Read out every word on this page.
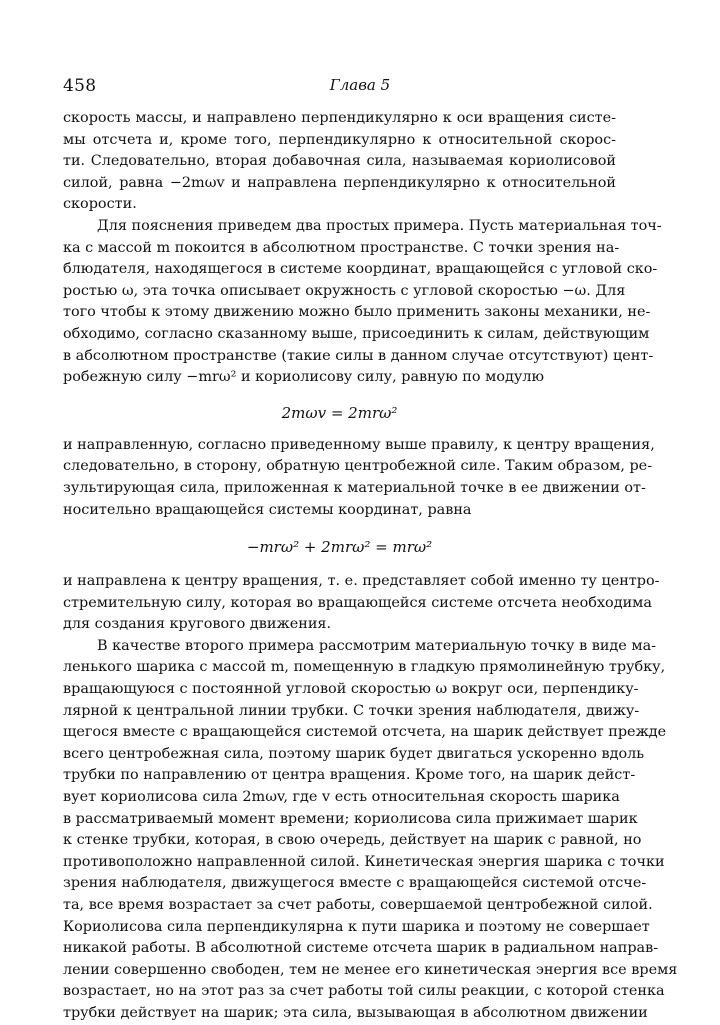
458	Глава 5
скорость массы, и направлено перпендикулярно к оси вращения систе-
мы отсчета и, кроме того, перпендикулярно к относительной скорос-
ти. Следовательно, вторая добавочная сила, называемая кориолисовой
силой, равна −2mωv и направлена перпендикулярно к относительной
скорости.
Для пояснения приведем два простых примера. Пусть материальная точ-
ка с массой m покоится в абсолютном пространстве. С точки зрения на-
блюдателя, находящегося в системе координат, вращающейся с угловой ско-
ростью ω, эта точка описывает окружность с угловой скоростью −ω. Для
того чтобы к этому движению можно было применить законы механики, не-
обходимо, согласно сказанному выше, присоединить к силам, действующим
в абсолютном пространстве (такие силы в данном случае отсутствуют) цент-
робежную силу −mrω² и кориолисову силу, равную по модулю
2mωv = 2mrω²
и направленную, согласно приведенному выше правилу, к центру вращения,
следовательно, в сторону, обратную центробежной силе. Таким образом, ре-
зультирующая сила, приложенная к материальной точке в ее движении от-
носительно вращающейся системы координат, равна
−mrω² + 2mrω² = mrω²
и направлена к центру вращения, т. е. представляет собой именно ту центро-
стремительную силу, которая во вращающейся системе отсчета необходима
для создания кругового движения.
В качестве второго примера рассмотрим материальную точку в виде ма-
ленького шарика с массой m, помещенную в гладкую прямолинейную трубку,
вращающуюся с постоянной угловой скоростью ω вокруг оси, перпендику-
лярной к центральной линии трубки. С точки зрения наблюдателя, движу-
щегося вместе с вращающейся системой отсчета, на шарик действует прежде
всего центробежная сила, поэтому шарик будет двигаться ускоренно вдоль
трубки по направлению от центра вращения. Кроме того, на шарик дейст-
вует кориолисова сила 2mωv, где v есть относительная скорость шарика
в рассматриваемый момент времени; кориолисова сила прижимает шарик
к стенке трубки, которая, в свою очередь, действует на шарик с равной, но
противоположно направленной силой. Кинетическая энергия шарика с точки
зрения наблюдателя, движущегося вместе с вращающейся системой отсче-
та, все время возрастает за счет работы, совершаемой центробежной силой.
Кориолисова сила перпендикулярна к пути шарика и поэтому не совершает
никакой работы. В абсолютной системе отсчета шарик в радиальном направ-
лении совершенно свободен, тем не менее его кинетическая энергия все время
возрастает, но на этот раз за счет работы той силы реакции, с которой стенка
трубки действует на шарик; эта сила, вызывающая в абсолютном движении
